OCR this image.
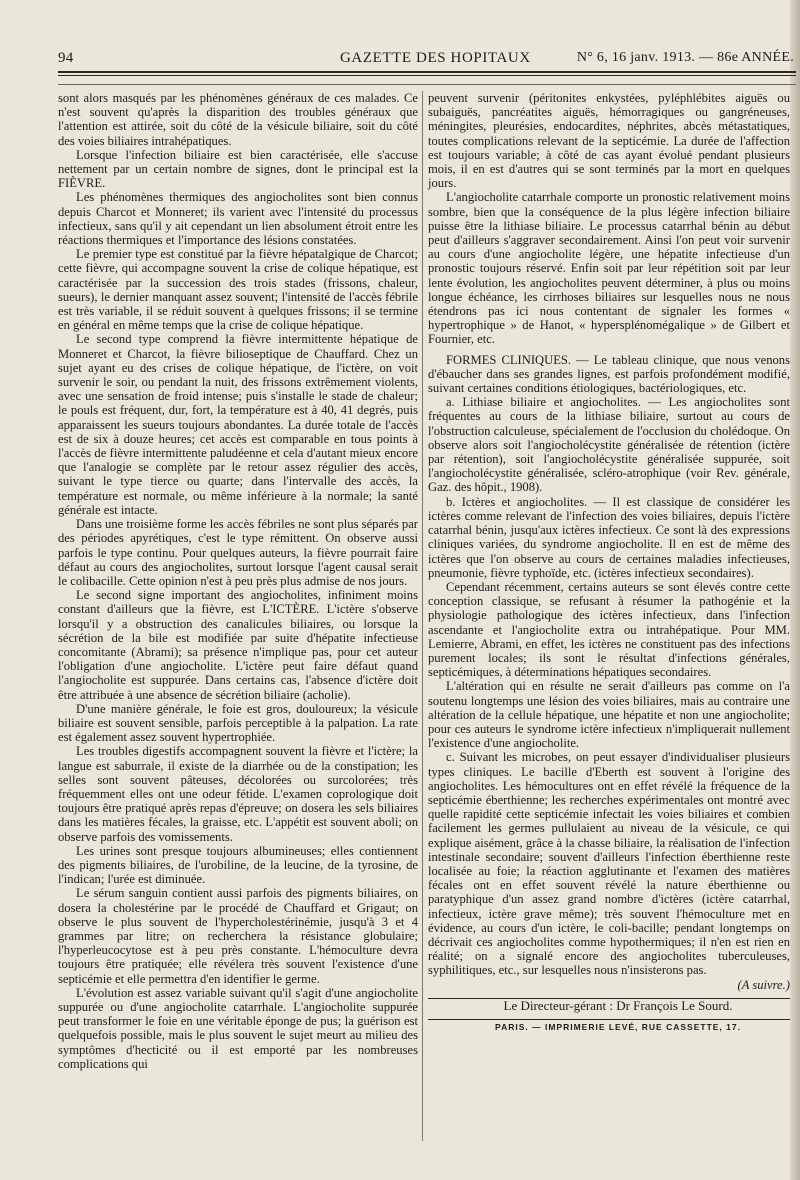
94	GAZETTE DES HOPITAUX	N° 6, 16 janv. 1913. — 86e ANNÉE.

sont alors masqués par les phénomènes généraux de ces malades. Ce n'est souvent qu'après la disparition des troubles généraux que l'attention est attirée, soit du côté de la vésicule biliaire, soit du côté des voies biliaires intrahépatiques.

Lorsque l'infection biliaire est bien caractérisée, elle s'accuse nettement par un certain nombre de signes, dont le principal est la FIÈVRE.

Les phénomènes thermiques des angiocholites sont bien connus depuis Charcot et Monneret; ils varient avec l'intensité du processus infectieux, sans qu'il y ait cependant un lien absolument étroit entre les réactions thermiques et l'importance des lésions constatées.

Le premier type est constitué par la fièvre hépatalgique de Charcot; cette fièvre, qui accompagne souvent la crise de colique hépatique, est caractérisée par la succession des trois stades (frissons, chaleur, sueurs), le dernier manquant assez souvent; l'intensité de l'accès fébrile est très variable, il se réduit souvent à quelques frissons; il se termine en général en même temps que la crise de colique hépatique.

Le second type comprend la fièvre intermittente hépatique de Monneret et Charcot, la fièvre bilioseptique de Chauffard. Chez un sujet ayant eu des crises de colique hépatique, de l'ictère, on voit survenir le soir, ou pendant la nuit, des frissons extrêmement violents, avec une sensation de froid intense; puis s'installe le stade de chaleur; le pouls est fréquent, dur, fort, la température est à 40, 41 degrés, puis apparaissent les sueurs toujours abondantes. La durée totale de l'accès est de six à douze heures; cet accès est comparable en tous points à l'accès de fièvre intermittente paludéenne et cela d'autant mieux encore que l'analogie se complète par le retour assez régulier des accès, suivant le type tierce ou quarte; dans l'intervalle des accès, la température est normale, ou même inférieure à la normale; la santé générale est intacte.

Dans une troisième forme les accès fébriles ne sont plus séparés par des périodes apyrétiques, c'est le type rémittent. On observe aussi parfois le type continu. Pour quelques auteurs, la fièvre pourrait faire défaut au cours des angiocholites, surtout lorsque l'agent causal serait le colibacille. Cette opinion n'est à peu près plus admise de nos jours.

Le second signe important des angiocholites, infiniment moins constant d'ailleurs que la fièvre, est L'ICTÈRE. L'ictère s'observe lorsqu'il y a obstruction des canalicules biliaires, ou lorsque la sécrétion de la bile est modifiée par suite d'hépatite infectieuse concomitante (Abrami); sa présence n'implique pas, pour cet auteur l'obligation d'une angiocholite. L'ictère peut faire défaut quand l'angiocholite est suppurée. Dans certains cas, l'absence d'ictère doit être attribuée à une absence de sécrétion biliaire (acholie).

D'une manière générale, le foie est gros, douloureux; la vésicule biliaire est souvent sensible, parfois perceptible à la palpation. La rate est également assez souvent hypertrophiée.

Les troubles digestifs accompagnent souvent la fièvre et l'ictère; la langue est saburrale, il existe de la diarrhée ou de la constipation; les selles sont souvent pâteuses, décolorées ou surcolorées; très fréquemment elles ont une odeur fétide. L'examen coprologique doit toujours être pratiqué après repas d'épreuve; on dosera les sels biliaires dans les matières fécales, la graisse, etc. L'appétit est souvent aboli; on observe parfois des vomissements.

Les urines sont presque toujours albumineuses; elles contiennent des pigments biliaires, de l'urobiline, de la leucine, de la tyrosine, de l'indican; l'urée est diminuée.

Le sérum sanguin contient aussi parfois des pigments biliaires, on dosera la cholestérine par le procédé de Chauffard et Grigaut; on observe le plus souvent de l'hypercholestérinémie, jusqu'à 3 et 4 grammes par litre; on recherchera la résistance globulaire; l'hyperleucocytose est à peu près constante. L'hémoculture devra toujours être pratiquée; elle révélera très souvent l'existence d'une septicémie et elle permettra d'en identifier le germe.

L'évolution est assez variable suivant qu'il s'agit d'une angiocholite suppurée ou d'une angiocholite catarrhale. L'angiocholite suppurée peut transformer le foie en une véritable éponge de pus; la guérison est quelquefois possible, mais le plus souvent le sujet meurt au milieu des symptômes d'hecticité ou il est emporté par les nombreuses complications qui

peuvent survenir (péritonites enkystées, pyléphlébites aiguës ou subaiguës, pancréatites aiguës, hémorragiques ou gangréneuses, méningites, pleurésies, endocardites, néphrites, abcès métastatiques, toutes complications relevant de la septicémie. La durée de l'affection est toujours variable; à côté de cas ayant évolué pendant plusieurs mois, il en est d'autres qui se sont terminés par la mort en quelques jours.

L'angiocholite catarrhale comporte un pronostic relativement moins sombre, bien que la conséquence de la plus légère infection biliaire puisse être la lithiase biliaire. Le processus catarrhal bénin au début peut d'ailleurs s'aggraver secondairement. Ainsi l'on peut voir survenir au cours d'une angiocholite légère, une hépatite infectieuse d'un pronostic toujours réservé. Enfin soit par leur répétition soit par leur lente évolution, les angiocholites peuvent déterminer, à plus ou moins longue échéance, les cirrhoses biliaires sur lesquelles nous ne nous étendrons pas ici nous contentant de signaler les formes « hypertrophique » de Hanot, « hypersplénomégalique » de Gilbert et Fournier, etc.

FORMES CLINIQUES. — Le tableau clinique, que nous venons d'ébaucher dans ses grandes lignes, est parfois profondément modifié, suivant certaines conditions étiologiques, bactériologiques, etc.

a. Lithiase biliaire et angiocholites. — Les angiocholites sont fréquentes au cours de la lithiase biliaire, surtout au cours de l'obstruction calculeuse, spécialement de l'occlusion du cholédoque. On observe alors soit l'angiocholécystite généralisée de rétention (ictère par rétention), soit l'angiocholécystite généralisée suppurée, soit l'angiocholécystite généralisée, scléro-atrophique (voir Rev. générale, Gaz. des hôpit., 1908).

b. Ictères et angiocholites. — Il est classique de considérer les ictères comme relevant de l'infection des voies biliaires, depuis l'ictère catarrhal bénin, jusqu'aux ictères infectieux. Ce sont là des expressions cliniques variées, du syndrome angiocholite. Il en est de même des ictères que l'on observe au cours de certaines maladies infectieuses, pneumonie, fièvre typhoïde, etc. (ictères infectieux secondaires).

Cependant récemment, certains auteurs se sont élevés contre cette conception classique, se refusant à résumer la pathogénie et la physiologie pathologique des ictères infectieux, dans l'infection ascendante et l'angiocholite extra ou intrahépatique. Pour MM. Lemierre, Abrami, en effet, les ictères ne constituent pas des infections purement locales; ils sont le résultat d'infections générales, septicémiques, à déterminations hépatiques secondaires.

L'altération qui en résulte ne serait d'ailleurs pas comme on l'a soutenu longtemps une lésion des voies biliaires, mais au contraire une altération de la cellule hépatique, une hépatite et non une angiocholite; pour ces auteurs le syndrome ictère infectieux n'impliquerait nullement l'existence d'une angiocholite.

c. Suivant les microbes, on peut essayer d'individualiser plusieurs types cliniques. Le bacille d'Eberth est souvent à l'origine des angiocholites. Les hémocultures ont en effet révélé la fréquence de la septicémie éberthienne; les recherches expérimentales ont montré avec quelle rapidité cette septicémie infectait les voies biliaires et combien facilement les germes pullulaient au niveau de la vésicule, ce qui explique aisément, grâce à la chasse biliaire, la réalisation de l'infection intestinale secondaire; souvent d'ailleurs l'infection éberthienne reste localisée au foie; la réaction agglutinante et l'examen des matières fécales ont en effet souvent révélé la nature éberthienne ou paratyphique d'un assez grand nombre d'ictères (ictère catarrhal, infectieux, ictère grave même); très souvent l'hémoculture met en évidence, au cours d'un ictère, le coli-bacille; pendant longtemps on décrivait ces angiocholites comme hypothermiques; il n'en est rien en réalité; on a signalé encore des angiocholites tuberculeuses, syphilitiques, etc., sur lesquelles nous n'insisterons pas.

(A suivre.)

Le Directeur-gérant : Dr François Le Sourd.

PARIS. — IMPRIMERIE LEVÉ, RUE CASSETTE, 17.
